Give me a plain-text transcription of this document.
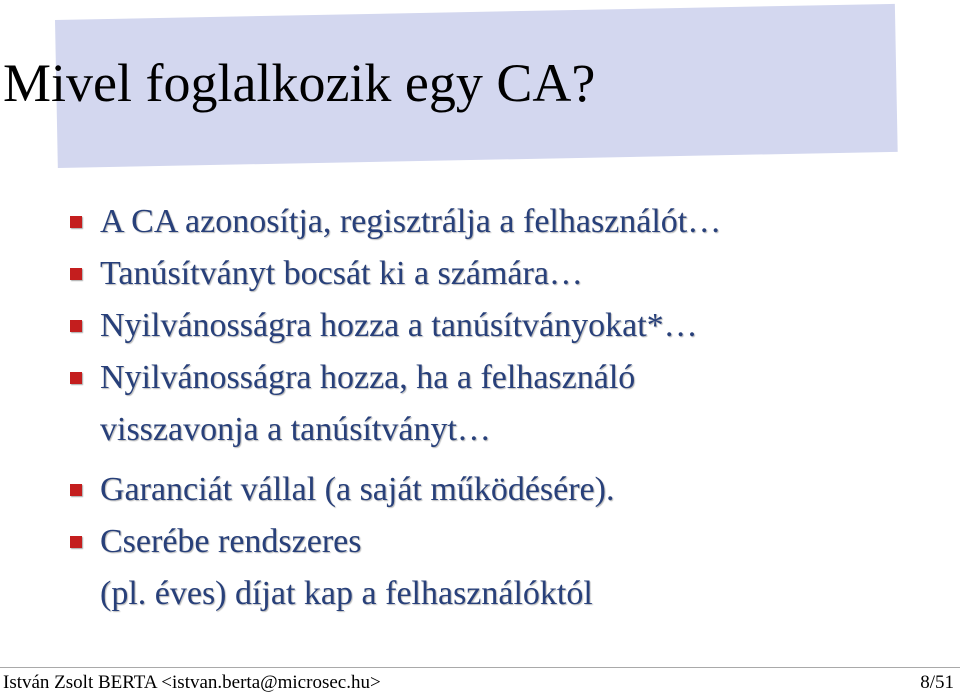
Mivel foglalkozik egy CA?
A CA azonosítja, regisztrálja a felhasználót…
Tanúsítványt bocsát ki a számára…
Nyilvánosságra hozza a tanúsítványokat*…
Nyilvánosságra hozza, ha a felhasználó
visszavonja a tanúsítványt…
Garanciát vállal (a saját működésére).
Cserébe rendszeres
(pl. éves) díjat kap a felhasználóktól
István Zsolt BERTA <istvan.berta@microsec.hu>	8/51
